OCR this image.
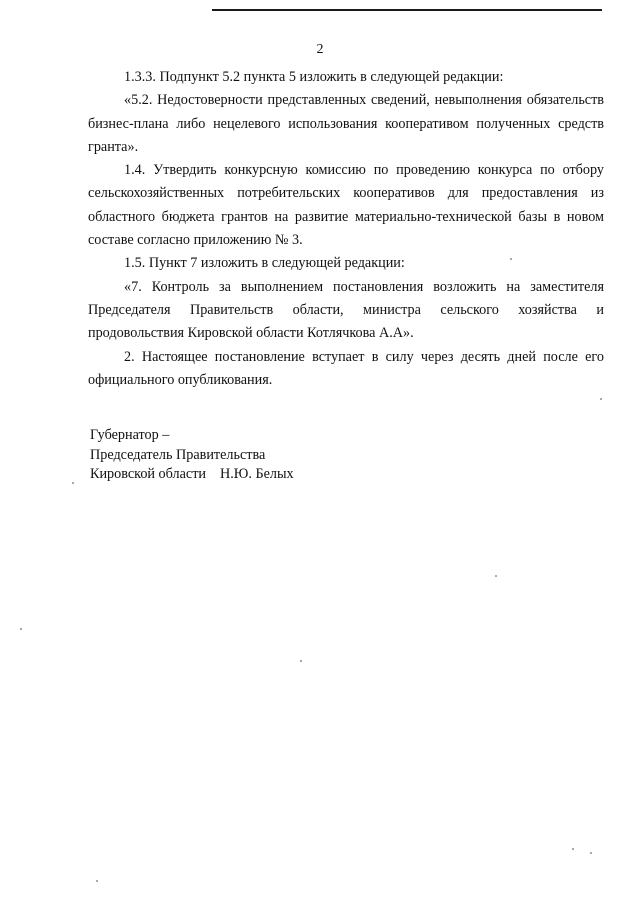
2

1.3.3. Подпункт 5.2 пункта 5 изложить в следующей редакции:

«5.2. Недостоверности представленных сведений, невыполнения обязательств бизнес-плана либо нецелевого использования кооперативом полученных средств гранта».

1.4. Утвердить конкурсную комиссию по проведению конкурса по отбору сельскохозяйственных потребительских кооперативов для предоставления из областного бюджета грантов на развитие материально-технической базы в новом составе согласно приложению № 3.

1.5. Пункт 7 изложить в следующей редакции:

«7. Контроль за выполнением постановления возложить на заместителя Председателя Правительств области, министра сельского хозяйства и продовольствия Кировской области Котлячкова А.А».

2. Настоящее постановление вступает в силу через десять дней после его официального опубликования.

Губернатор –
Председатель Правительства
Кировской области Н.Ю. Белых
